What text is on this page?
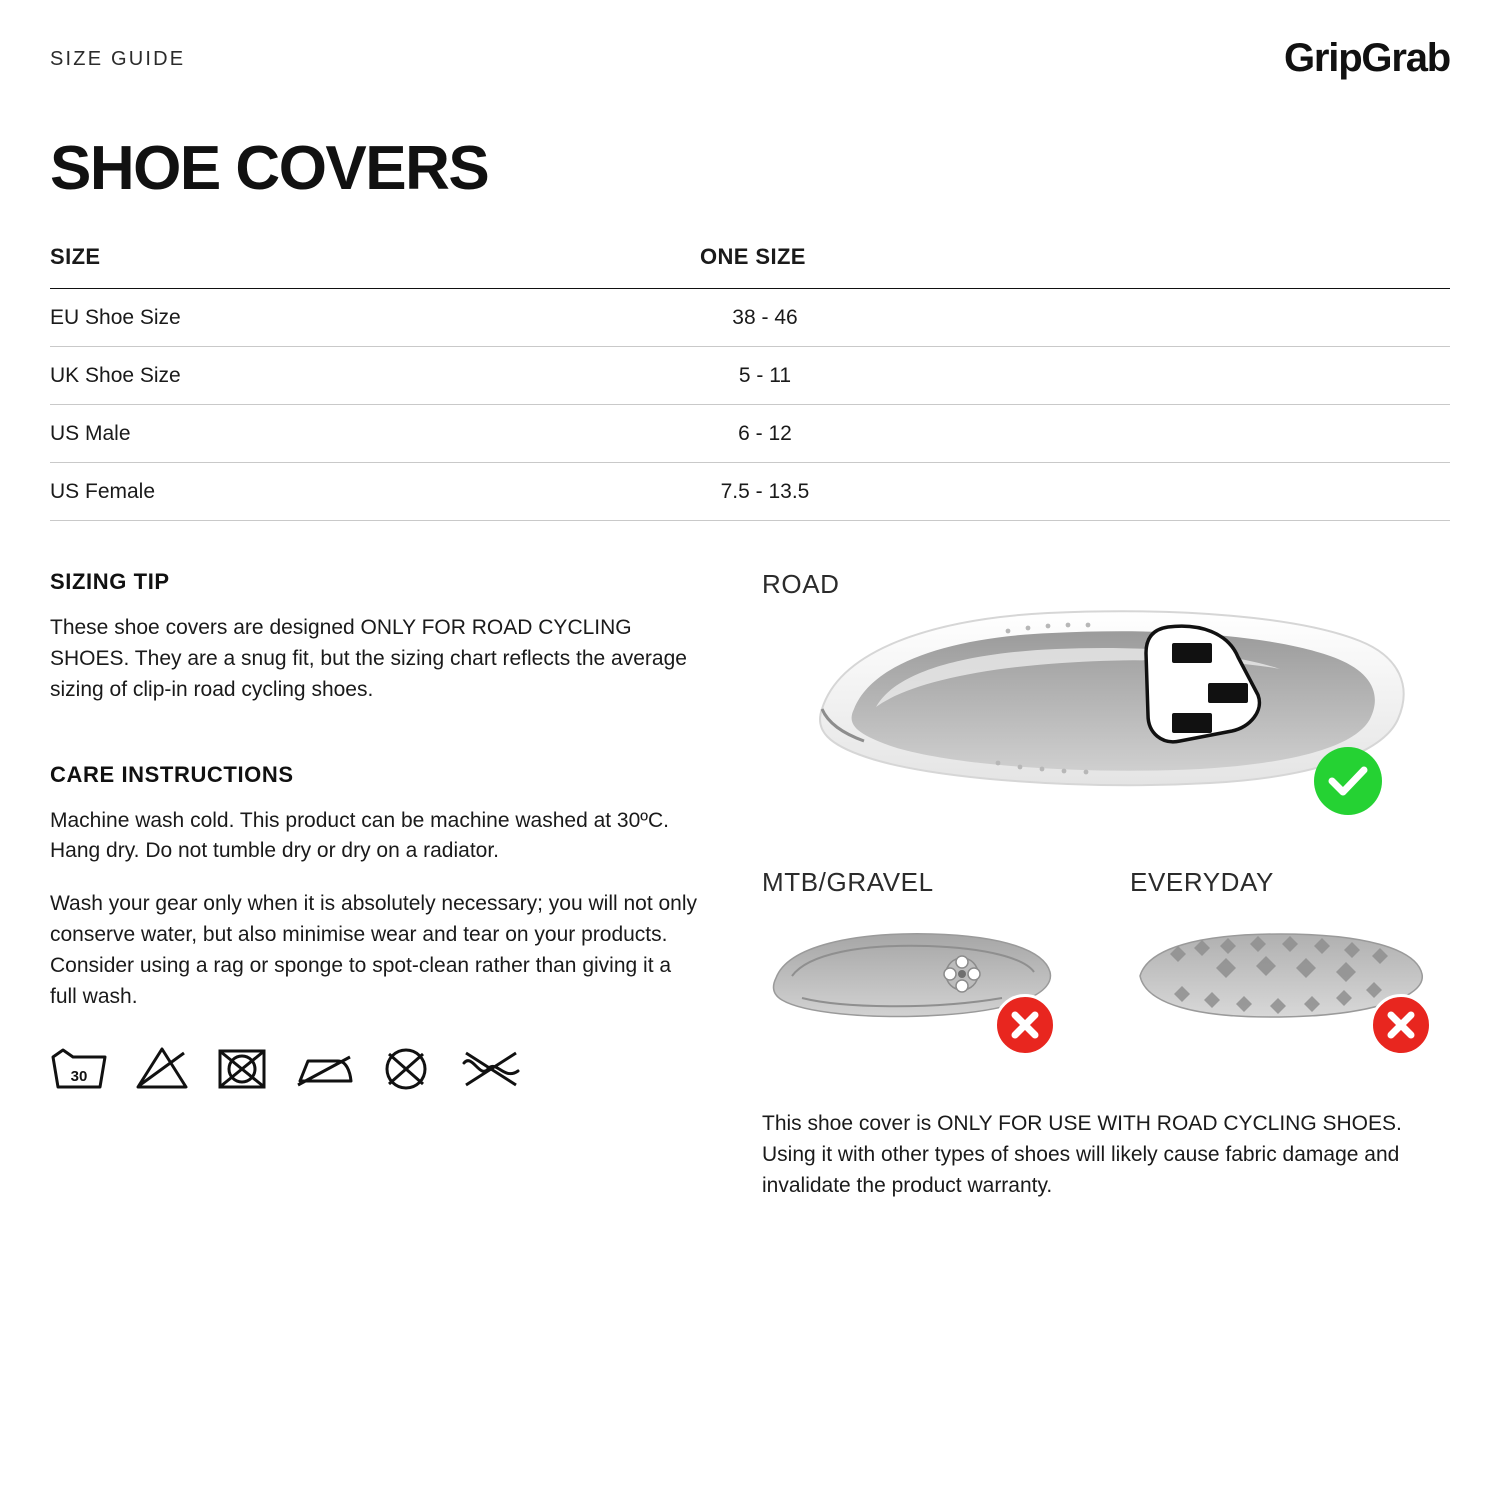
SIZE GUIDE	GripGrab
SHOE COVERS
SIZE	ONE SIZE
EU Shoe Size	38 - 46
UK Shoe Size	5 - 11
US Male	6 - 12
US Female	7.5 - 13.5
SIZING TIP

These shoe covers are designed ONLY FOR ROAD CYCLING SHOES. They are a snug fit, but the sizing chart reflects the average sizing of clip-in road cycling shoes.

CARE INSTRUCTIONS

Machine wash cold. This product can be machine washed at 30ºC. Hang dry. Do not tumble dry or dry on a radiator.

Wash your gear only when it is absolutely necessary; you will not only conserve water, but also minimise wear and tear on your products. Consider using a rag or sponge to spot-clean rather than giving it a full wash.

30
ROAD
MTB/GRAVEL	EVERYDAY

This shoe cover is ONLY FOR USE WITH ROAD CYCLING SHOES. Using it with other types of shoes will likely cause fabric damage and invalidate the product warranty.
